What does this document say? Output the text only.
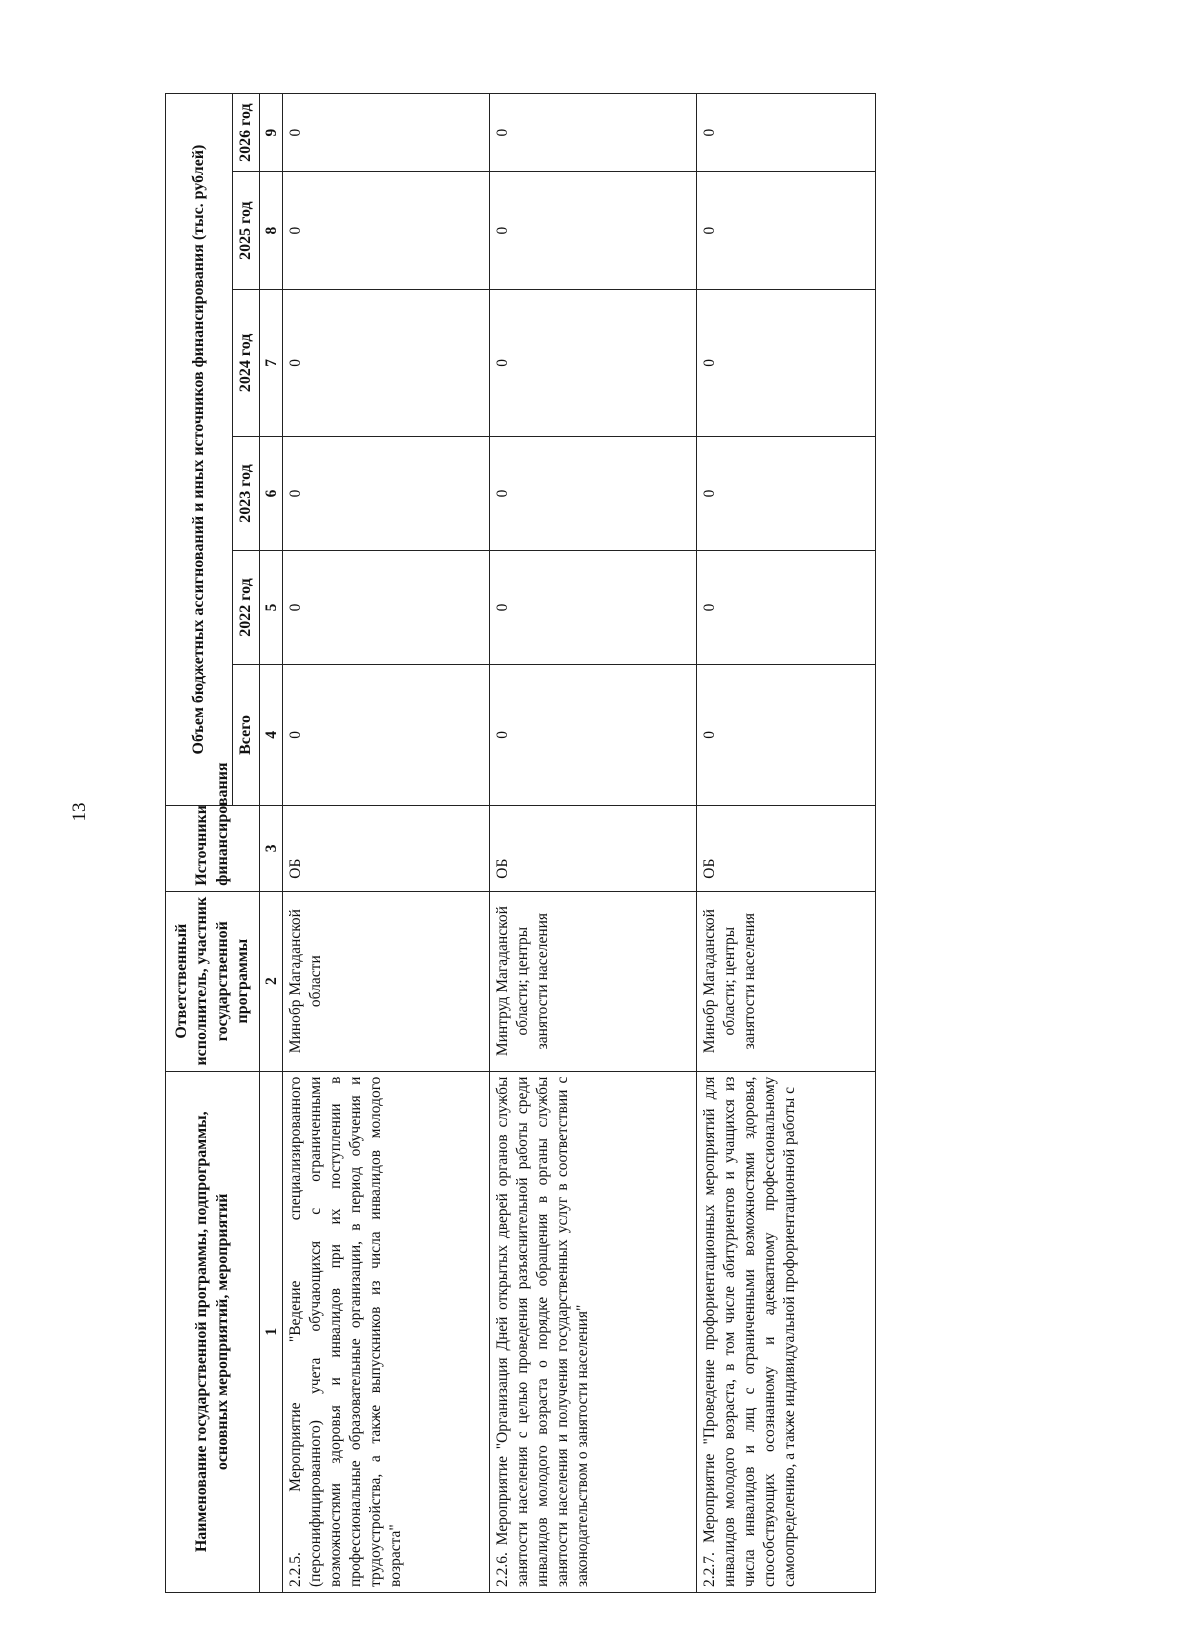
13
Наименование государственной программы, подпрограммы, основных мероприятий, мероприятий	Ответственный исполнитель, участник государственной программы	Источники финансирования	Объем бюджетных ассигнований и иных источников финансирования (тыс. рублей)					
			Всего	2022 год	2023 год	2024 год	2025 год	2026 год
1	2	3	4	5	6	7	8	9
2.2.5. Мероприятие "Ведение специализированного (персонифицированного) учета обучающихся с ограниченными возможностями здоровья и инвалидов при их поступлении в профессиональные образовательные организации, в период обучения и трудоустройства, а также выпускников из числа инвалидов молодого возраста"	Минобр Магаданской области	ОБ	0	0	0	0	0	0
2.2.6. Мероприятие "Организация Дней открытых дверей органов службы занятости населения с целью проведения разъяснительной работы среди инвалидов молодого возраста о порядке обращения в органы службы занятости населения и получения государственных услуг в соответствии с законодательством о занятости населения"	Минтруд Магаданской области; центры занятости населения	ОБ	0	0	0	0	0	0
2.2.7. Мероприятие "Проведение профориентационных мероприятий для инвалидов молодого возраста, в том числе абитуриентов и учащихся из числа инвалидов и лиц с ограниченными возможностями здоровья, способствующих осознанному и адекватному профессиональному самоопределению, а также индивидуальной профориентационной работы с	Минобр Магаданской области; центры занятости населения	ОБ	0	0	0	0	0	0
